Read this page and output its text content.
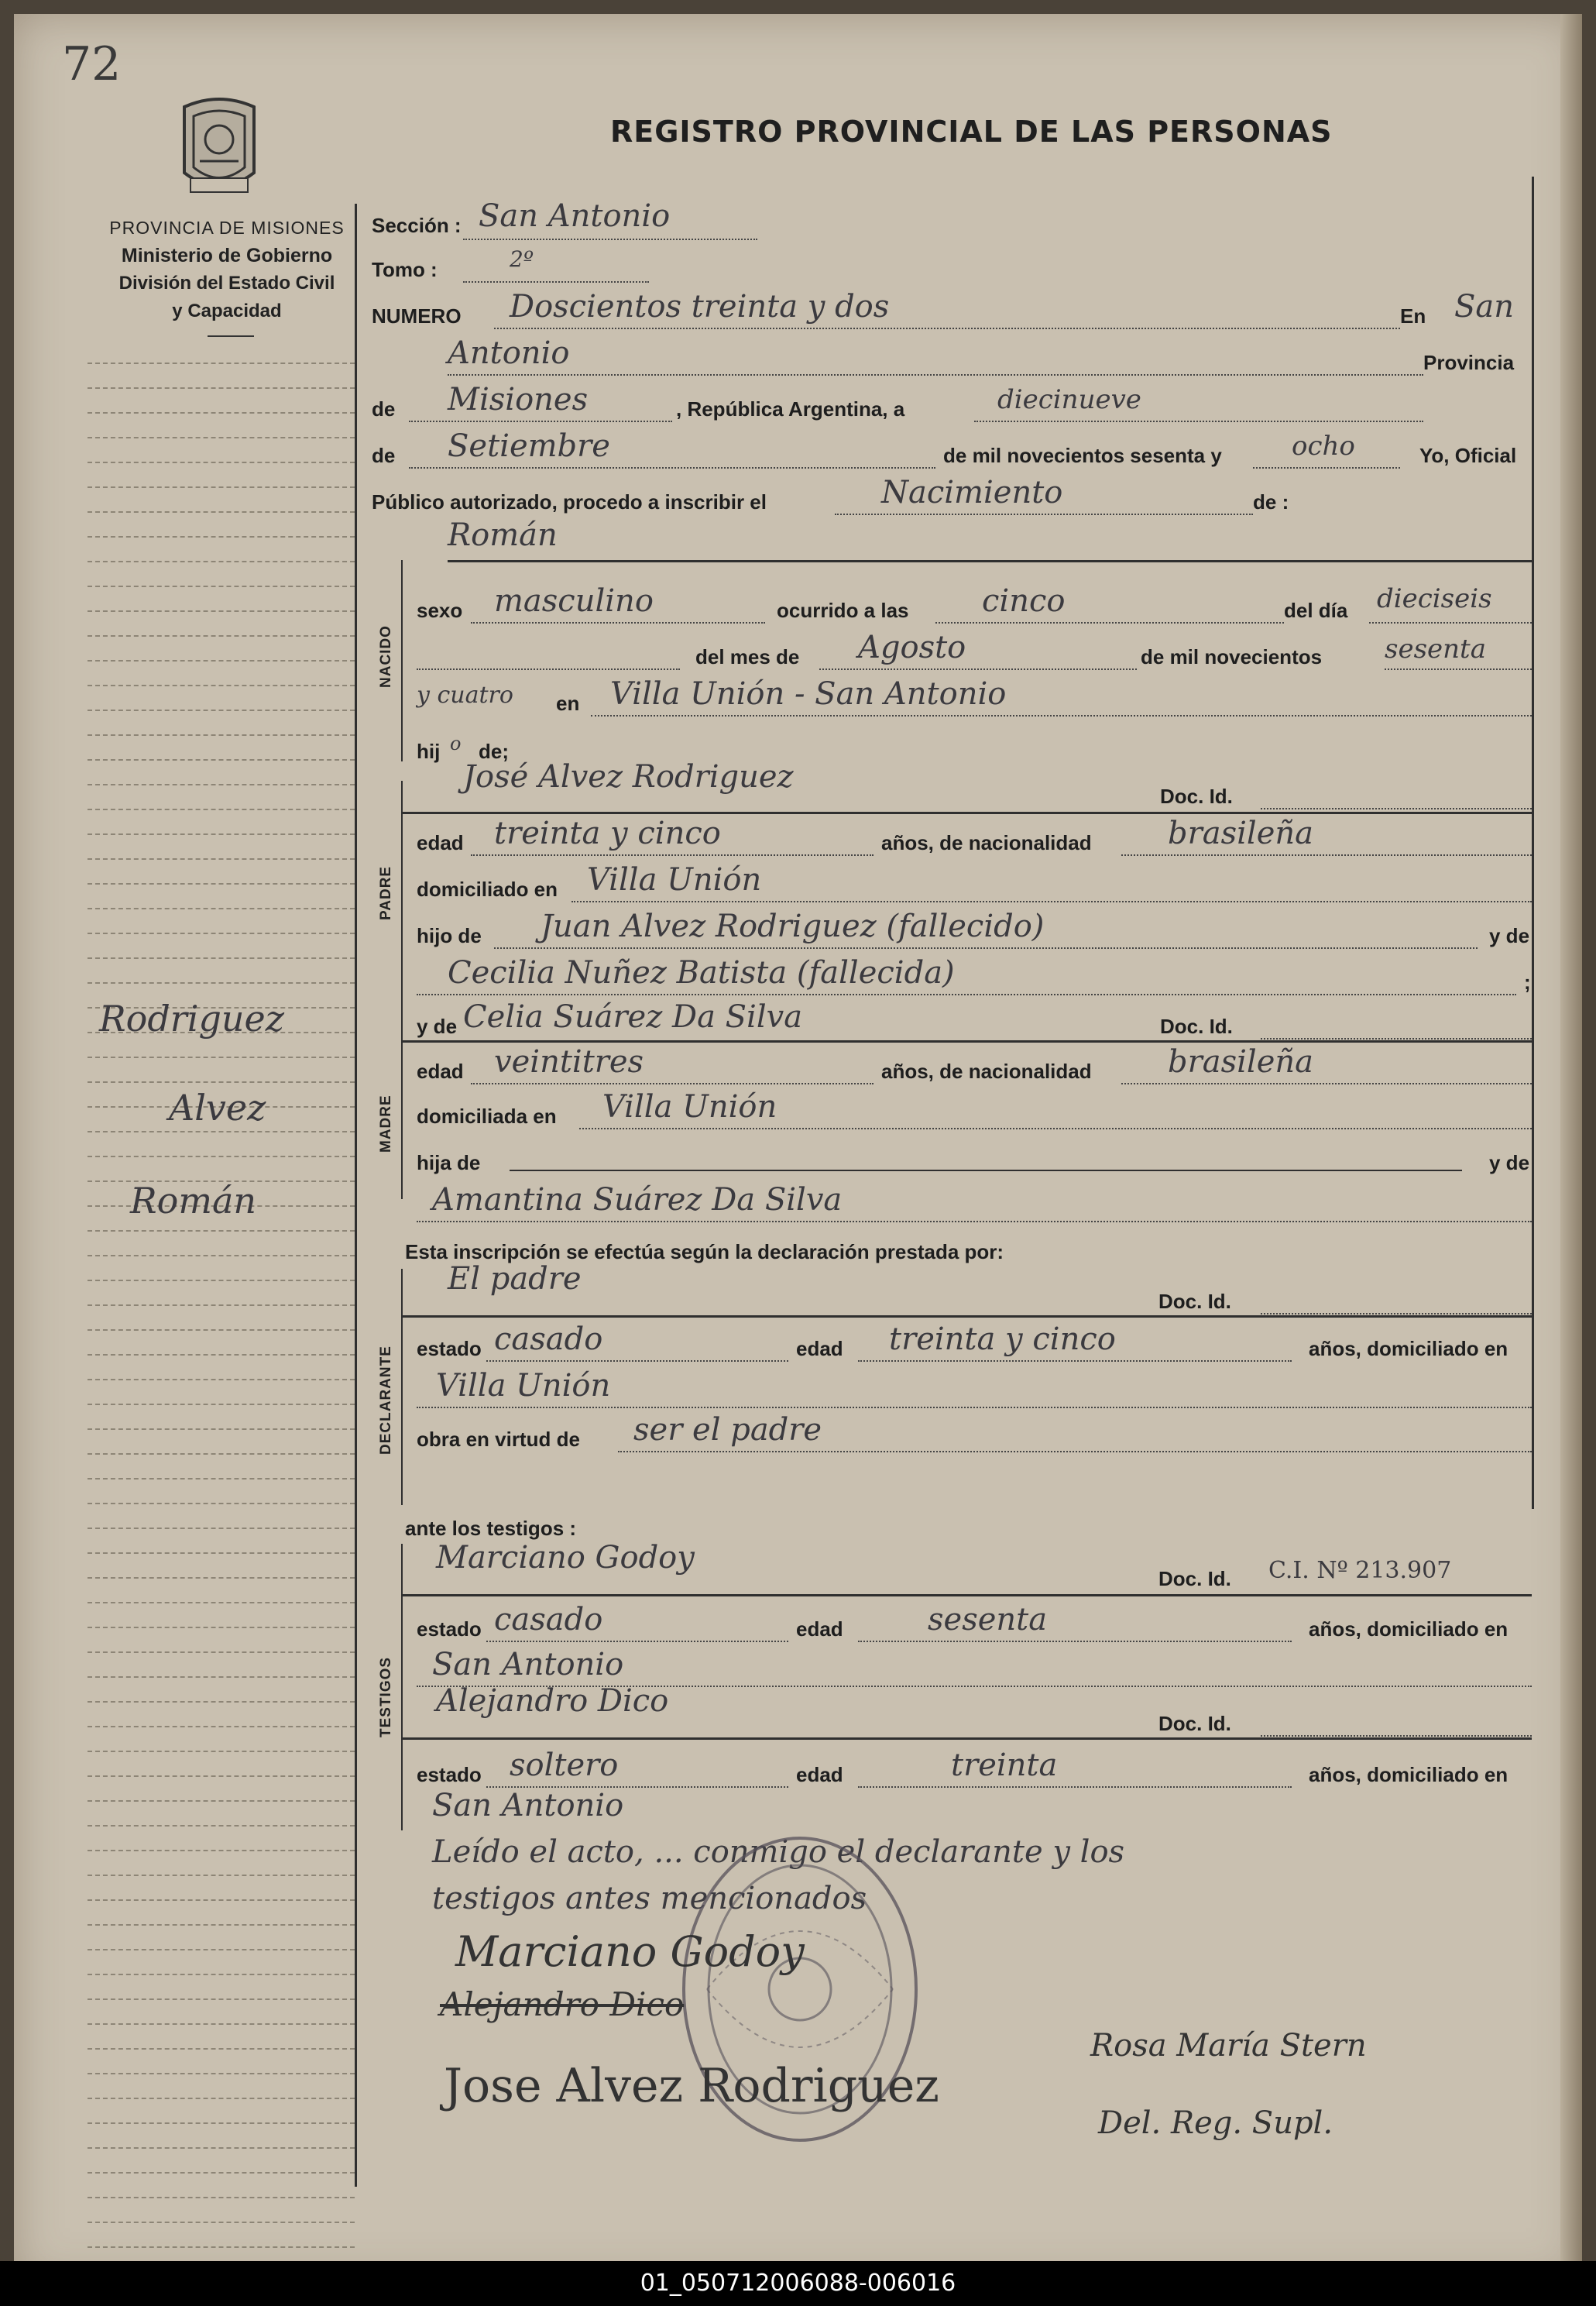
72
PROVINCIA DE MISIONES
Ministerio de Gobierno
División del Estado Civil
y Capacidad
REGISTRO PROVINCIAL DE LAS PERSONAS
Sección : San Antonio
Tomo :	2º
NUMERO Doscientos treinta y dos	En San
Antonio	Provincia
de Misiones	, República Argentina, a	diecinueve
de Setiembre	de mil novecientos sesenta y	ocho	Yo, Oficial
Público autorizado, procedo a inscribir el	Nacimiento	de :
Román
NACIDO
sexo masculino	ocurrido a las cinco	del día dieciseis
del mes de Agosto	de mil novecientos sesenta
y cuatro en Villa Unión - San Antonio
hij o de;
PADRE
José Alvez Rodriguez
Doc. Id.
edad treinta y cinco	años, de nacionalidad brasileña
domiciliado en Villa Unión
hijo de Juan Alvez Rodriguez (fallecido)	y de
Cecilia Nuñez Batista (fallecida)	;
MADRE
y de Celia Suárez Da Silva	Doc. Id.
edad veintitres	años, de nacionalidad brasileña
domiciliada en Villa Unión
hija de	y de
Amantina Suárez Da Silva
Esta inscripción se efectúa según la declaración prestada por:
DECLARANTE
El padre
Doc. Id.
estado casado	edad treinta y cinco	años, domiciliado en
Villa Unión
obra en virtud de ser el padre
ante los testigos :
TESTIGOS
Marciano Godoy
Doc. Id. C.I. Nº 213.907
estado casado	edad	sesenta	años, domiciliado en
San Antonio
Alejandro Dico
Doc. Id.
estado soltero	edad	treinta	años, domiciliado en
San Antonio
Leído el acto, ... conmigo el declarante y los
testigos antes mencionados
Marciano Godoy
Alejandro Dico
Jose Alvez Rodriguez
Rosa María Stern
Del. Reg. Supl.
Rodriguez
Alvez
Román
01_050712006088-006016
